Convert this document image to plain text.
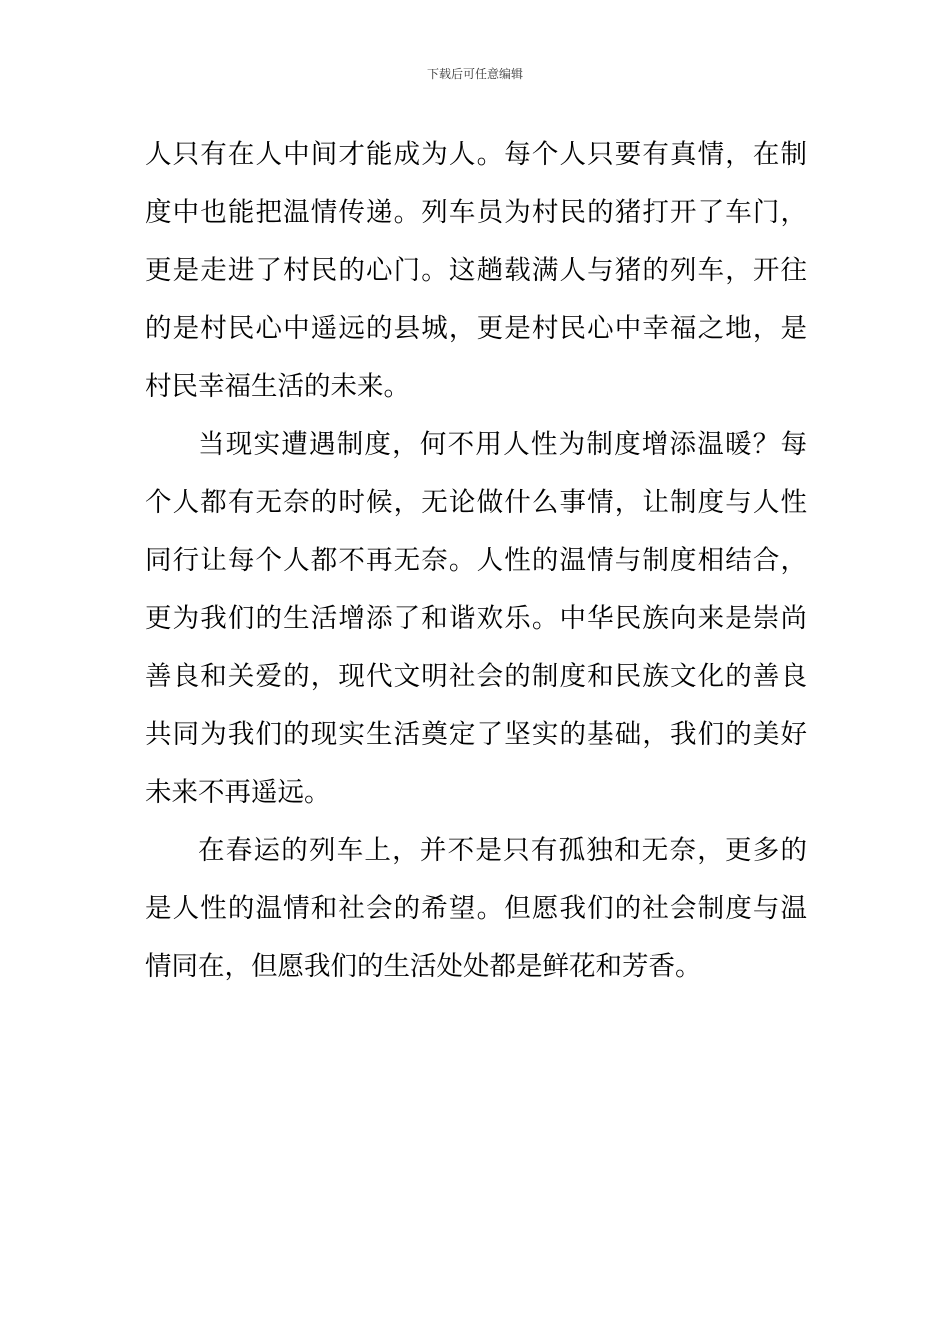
下载后可任意编辑

人只有在人中间才能成为人。每个人只要有真情，在制度中也能把温情传递。列车员为村民的猪打开了车门，更是走进了村民的心门。这趟载满人与猪的列车，开往的是村民心中遥远的县城，更是村民心中幸福之地，是村民幸福生活的未来。

当现实遭遇制度，何不用人性为制度增添温暖？每个人都有无奈的时候，无论做什么事情，让制度与人性同行让每个人都不再无奈。人性的温情与制度相结合，更为我们的生活增添了和谐欢乐。中华民族向来是崇尚善良和关爱的，现代文明社会的制度和民族文化的善良共同为我们的现实生活奠定了坚实的基础，我们的美好未来不再遥远。

在春运的列车上，并不是只有孤独和无奈，更多的是人性的温情和社会的希望。但愿我们的社会制度与温情同在，但愿我们的生活处处都是鲜花和芳香。
